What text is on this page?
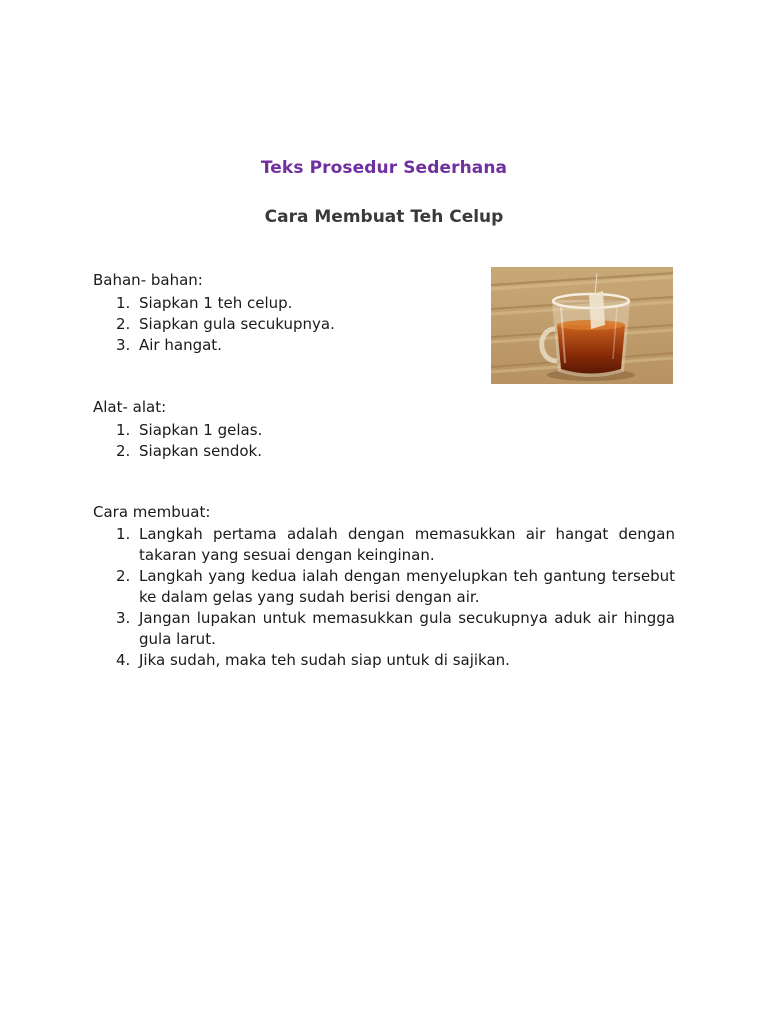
Teks Prosedur Sederhana
Cara Membuat Teh Celup
Bahan- bahan:
1. Siapkan 1 teh celup.
2. Siapkan gula secukupnya.
3. Air hangat.
Alat- alat:
1. Siapkan 1 gelas.
2. Siapkan sendok.
Cara membuat:
1. Langkah pertama adalah dengan memasukkan air hangat dengan takaran yang sesuai dengan keinginan.
2. Langkah yang kedua ialah dengan menyelupkan teh gantung tersebut ke dalam gelas yang sudah berisi dengan air.
3. Jangan lupakan untuk memasukkan gula secukupnya aduk air hingga gula larut.
4. Jika sudah, maka teh sudah siap untuk di sajikan.
